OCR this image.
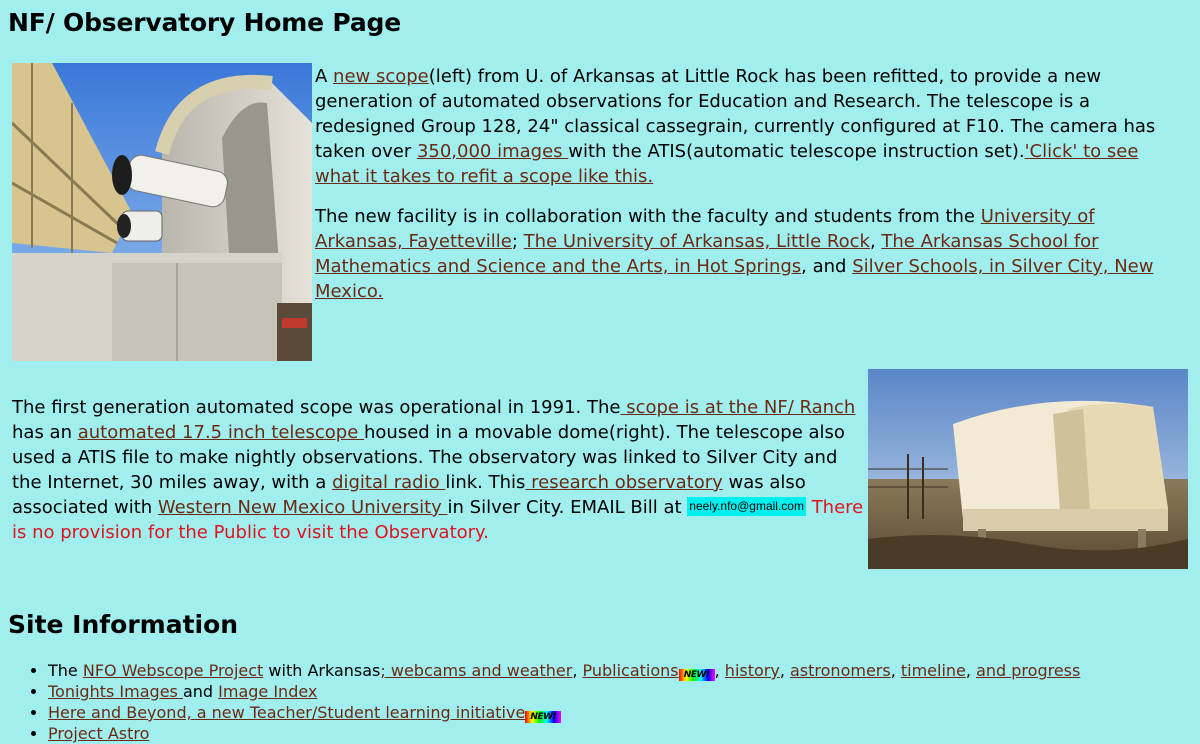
NF/ Observatory Home Page

A new scope(left) from U. of Arkansas at Little Rock has been refitted, to provide a new generation of automated observations for Education and Research. The telescope is a redesigned Group 128, 24" classical cassegrain, currently configured at F10. The camera has taken over 350,000 images with the ATIS(automatic telescope instruction set).'Click' to see what it takes to refit a scope like this.

The new facility is in collaboration with the faculty and students from the University of Arkansas, Fayetteville; The University of Arkansas, Little Rock, The Arkansas School for Mathematics and Science and the Arts, in Hot Springs, and Silver Schools, in Silver City, New Mexico.

The first generation automated scope was operational in 1991. The scope is at the NF/ Ranch has an automated 17.5 inch telescope housed in a movable dome(right). The telescope also used a ATIS file to make nightly observations. The observatory was linked to Silver City and the Internet, 30 miles away, with a digital radio link. This research observatory was also associated with Western New Mexico University in Silver City. EMAIL Bill at neely.nfo@gmail.com There is no provision for the Public to visit the Observatory.

Site Information
• The NFO Webscope Project with Arkansas; webcams and weather, Publications NEW! , history, astronomers, timeline, and progress
• Tonights Images and Image Index
• Here and Beyond, a new Teacher/Student learning initiative NEW!
• Project Astro
